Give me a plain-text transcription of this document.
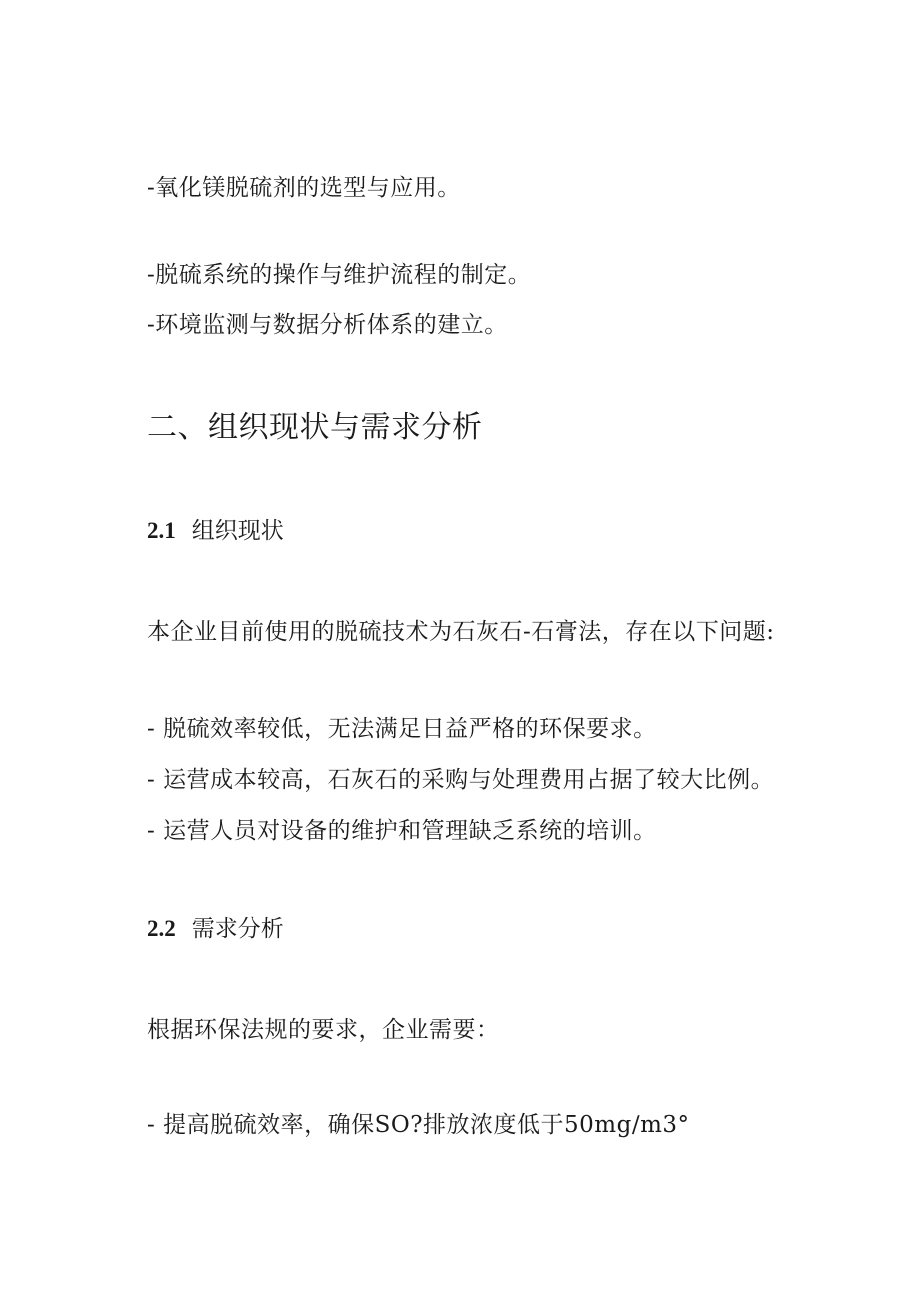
-氧化镁脱硫剂的选型与应用。
-脱硫系统的操作与维护流程的制定。
-环境监测与数据分析体系的建立。
二、组织现状与需求分析
2.1 组织现状
本企业目前使用的脱硫技术为石灰石-石膏法，存在以下问题:
- 脱硫效率较低，无法满足日益严格的环保要求。
- 运营成本较高，石灰石的采购与处理费用占据了较大比例。
- 运营人员对设备的维护和管理缺乏系统的培训。
2.2 需求分析
根据环保法规的要求，企业需要：
- 提高脱硫效率，确保SO?排放浓度低于50mg∕m3°
